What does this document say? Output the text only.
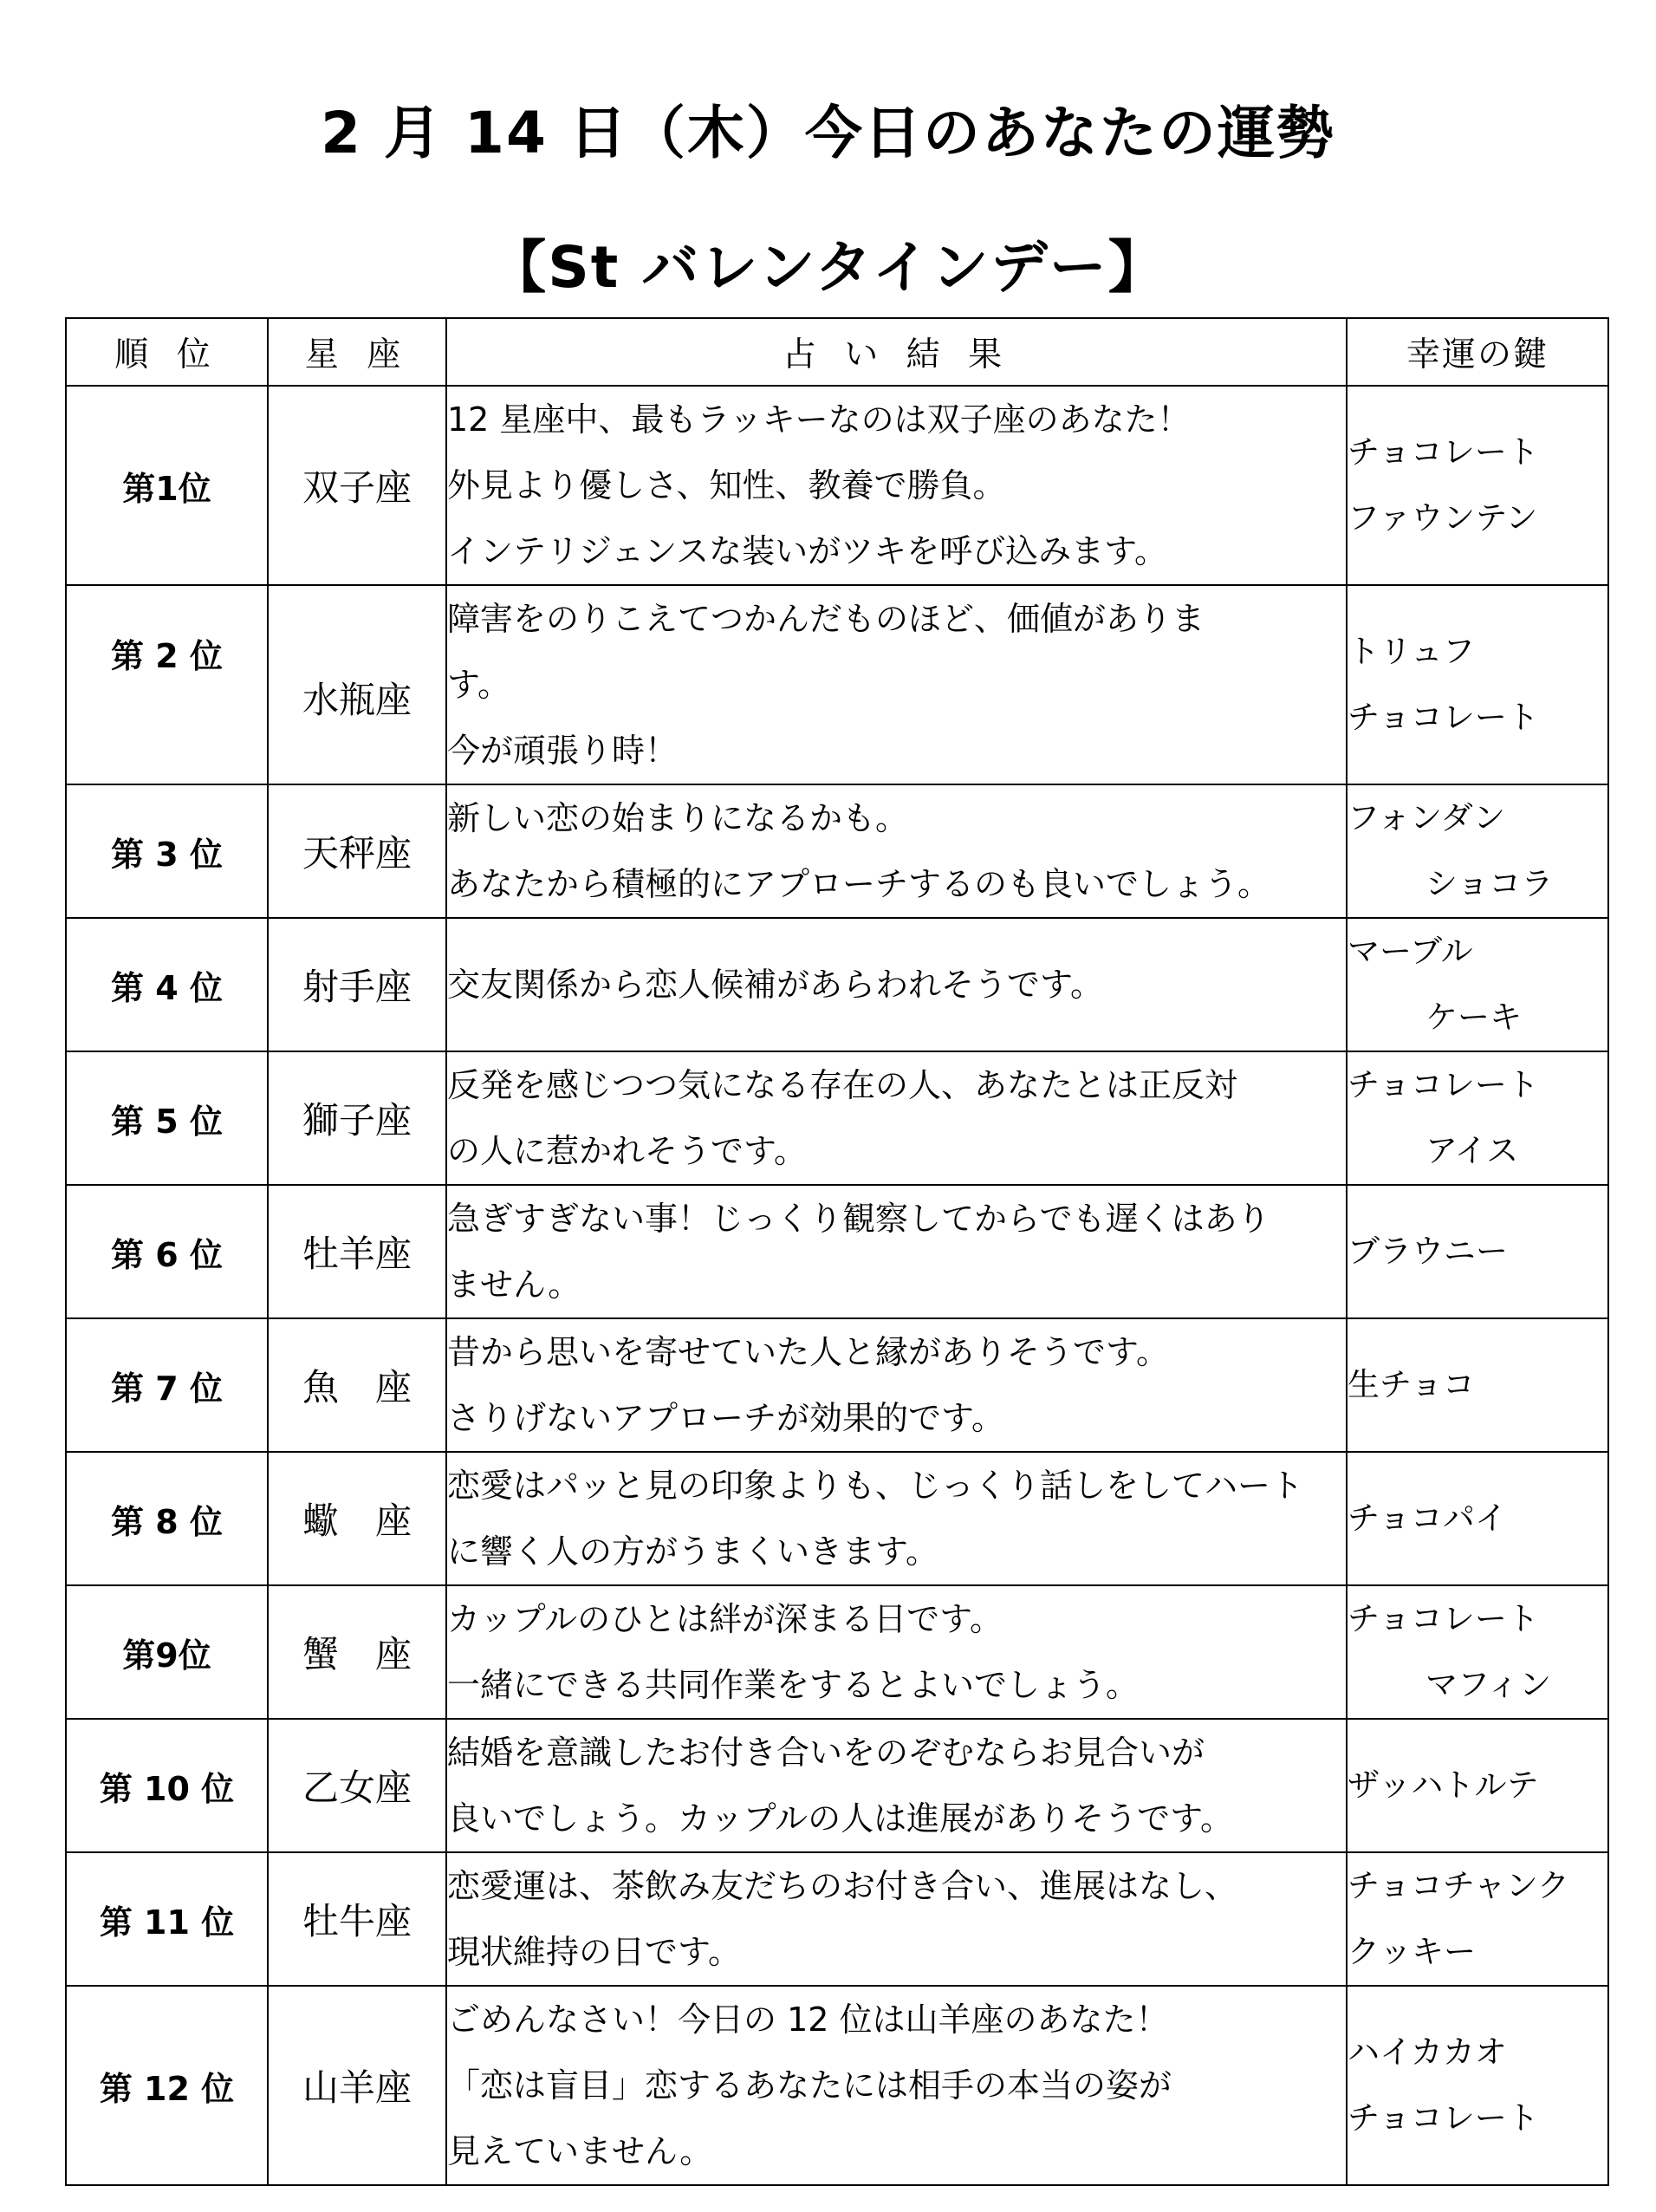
2 月 14 日（木）今日のあなたの運勢
【St バレンタインデー】
順 位	星 座	占 い 結 果	幸運の鍵
第1位	双子座	12 星座中、最もラッキーなのは双子座のあなた！
外見より優しさ、知性、教養で勝負。
インテリジェンスな装いがツキを呼び込みます。	チョコレート
ファウンテン

第 2 位	水瓶座	障害をのりこえてつかんだものほど、価値がありま
す。
今が頑張り時！	トリュフ
チョコレート

第 3 位	天秤座	新しい恋の始まりになるかも。
あなたから積極的にアプローチするのも良いでしょう。	フォンダン
ショコラ

第 4 位	射手座	交友関係から恋人候補があらわれそうです。	マーブル
ケーキ

第 5 位	獅子座	反発を感じつつ気になる存在の人、あなたとは正反対
の人に惹かれそうです。	チョコレート
アイス

第 6 位	牡羊座	急ぎすぎない事！じっくり観察してからでも遅くはあり
ません。	ブラウニー

第 7 位	魚　座	昔から思いを寄せていた人と縁がありそうです。
さりげないアプローチが効果的です。	生チョコ

第 8 位	蠍　座	恋愛はパッと見の印象よりも、じっくり話しをしてハート
に響く人の方がうまくいきます。	チョコパイ

第9位	蟹　座	カップルのひとは絆が深まる日です。
一緒にできる共同作業をするとよいでしょう。	チョコレート
マフィン

第 10 位	乙女座	結婚を意識したお付き合いをのぞむならお見合いが
良いでしょう。カップルの人は進展がありそうです。	ザッハトルテ

第 11 位	牡牛座	恋愛運は、茶飲み友だちのお付き合い、進展はなし、
現状維持の日です。	チョコチャンク
クッキー

第 12 位	山羊座	ごめんなさい！今日の 12 位は山羊座のあなた！
「恋は盲目」恋するあなたには相手の本当の姿が
見えていません。	ハイカカオ
チョコレート
